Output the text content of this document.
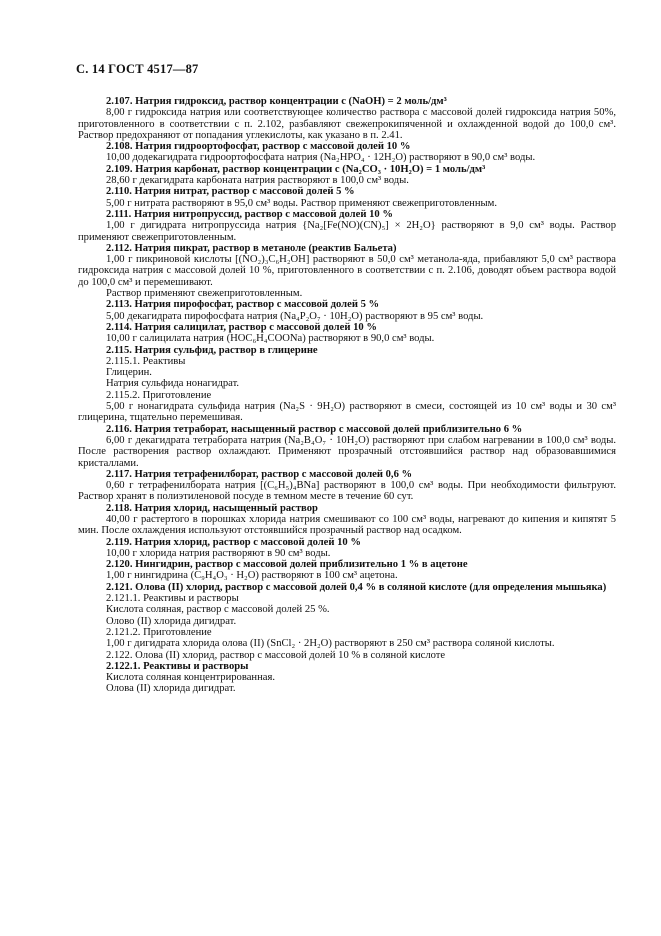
С. 14 ГОСТ 4517—87

2.107. Натрия гидроксид, раствор концентрации c (NaOH) = 2 моль/дм³

8,00 г гидроксида натрия или соответствующее количество раствора с массовой долей гидроксида натрия 50%, приготовленного в соответствии с п. 2.102, разбавляют свежепрокипяченной и охлажденной водой до 100,0 см³. Раствор предохраняют от попадания углекислоты, как указано в п. 2.41.

2.108. Натрия гидроортофосфат, раствор с массовой долей 10 %

10,00 додекагидрата гидроортофосфата натрия (Na₂HPO₄ · 12H₂O) растворяют в 90,0 см³ воды.

2.109. Натрия карбонат, раствор концентрации c (Na₂CO₃ · 10H₂O) = 1 моль/дм³

28,60 г декагидрата карбоната натрия растворяют в 100,0 см³ воды.

2.110. Натрия нитрат, раствор с массовой долей 5 %

5,00 г нитрата растворяют в 95,0 см³ воды. Раствор применяют свежеприготовленным.

2.111. Натрия нитропруссид, раствор с массовой долей 10 %

1,00 г дигидрата нитропруссида натрия {Na₂[Fe(NO)(CN)₅] × 2H₂O} растворяют в 9,0 см³ воды. Раствор применяют свежеприготовленным.

2.112. Натрия пикрат, раствор в метаноле (реактив Бальета)

1,00 г пикриновой кислоты [(NO₂)₃C₆H₂OH] растворяют в 50,0 см³ метанола-яда, прибавляют 5,0 см³ раствора гидроксида натрия с массовой долей 10 %, приготовленного в соответствии с п. 2.106, доводят объем раствора водой до 100,0 см³ и перемешивают.

Раствор применяют свежеприготовленным.

2.113. Натрия пирофосфат, раствор с массовой долей 5 %

5,00 декагидрата пирофосфата натрия (Na₄P₂O₇ · 10H₂O) растворяют в 95 см³ воды.

2.114. Натрия салицилат, раствор с массовой долей 10 %

10,00 г салицилата натрия (HOC₆H₄COONa) растворяют в 90,0 см³ воды.

2.115. Натрия сульфид, раствор в глицерине

2.115.1. Реактивы

Глицерин.

Натрия сульфида нонагидрат.

2.115.2. Приготовление

5,00 г нонагидрата сульфида натрия (Na₂S · 9H₂O) растворяют в смеси, состоящей из 10 см³ воды и 30 см³ глицерина, тщательно перемешивая.

2.116. Натрия тетраборат, насыщенный раствор с массовой долей приблизительно 6 %

6,00 г декагидрата тетрабората натрия (Na₂B₄O₇ · 10H₂O) растворяют при слабом нагревании в 100,0 см³ воды. После растворения раствор охлаждают. Применяют прозрачный отстоявшийся раствор над образовавшимися кристаллами.

2.117. Натрия тетрафенилборат, раствор с массовой долей 0,6 %

0,60 г тетрафенилбората натрия [(C₆H₅)₄BNa] растворяют в 100,0 см³ воды. При необходимости фильтруют. Раствор хранят в полиэтиленовой посуде в темном месте в течение 60 сут.

2.118. Натрия хлорид, насыщенный раствор

40,00 г растертого в порошках хлорида натрия смешивают со 100 см³ воды, нагревают до кипения и кипятят 5 мин. После охлаждения используют отстоявшийся прозрачный раствор над осадком.

2.119. Натрия хлорид, раствор с массовой долей 10 %

10,00 г хлорида натрия растворяют в 90 см³ воды.

2.120. Нингидрин, раствор с массовой долей приблизительно 1 % в ацетоне

1,00 г нингидрина (C₉H₄O₃ · H₂O) растворяют в 100 см³ ацетона.

2.121. Олова (II) хлорид, раствор с массовой долей 0,4 % в соляной кислоте (для определения мышьяка)

2.121.1. Реактивы и растворы

Кислота соляная, раствор с массовой долей 25 %.

Олово (II) хлорида дигидрат.

2.121.2. Приготовление

1,00 г дигидрата хлорида олова (II) (SnCl₂ · 2H₂O) растворяют в 250 см³ раствора соляной кислоты.

2.122. Олова (II) хлорид, раствор с массовой долей 10 % в соляной кислоте

2.122.1. Реактивы и растворы

Кислота соляная концентрированная.

Олова (II) хлорида дигидрат.
